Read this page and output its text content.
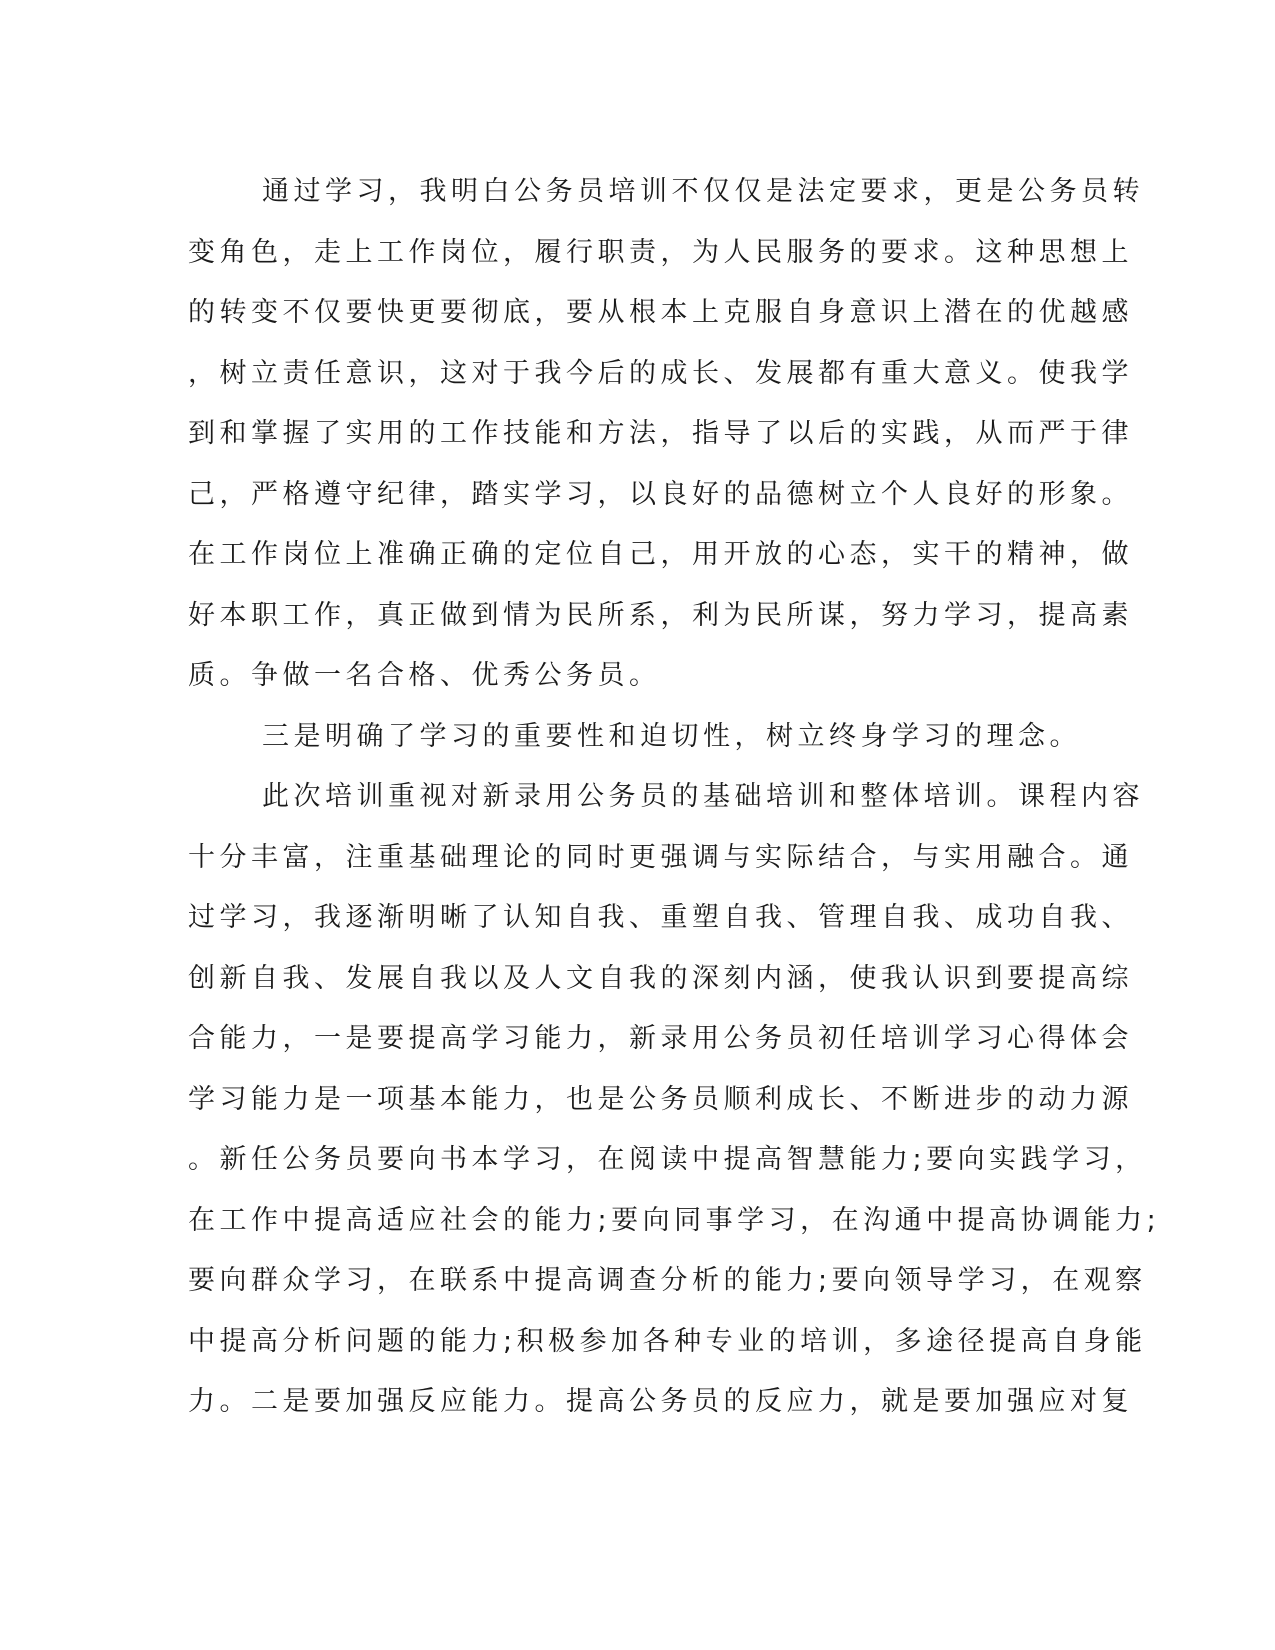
通过学习，我明白公务员培训不仅仅是法定要求，更是公务员转
变角色，走上工作岗位，履行职责，为人民服务的要求。这种思想上
的转变不仅要快更要彻底，要从根本上克服自身意识上潜在的优越感
，树立责任意识，这对于我今后的成长、发展都有重大意义。使我学
到和掌握了实用的工作技能和方法，指导了以后的实践，从而严于律
己，严格遵守纪律，踏实学习，以良好的品德树立个人良好的形象。
在工作岗位上准确正确的定位自己，用开放的心态，实干的精神，做
好本职工作，真正做到情为民所系，利为民所谋，努力学习，提高素
质。争做一名合格、优秀公务员。
三是明确了学习的重要性和迫切性，树立终身学习的理念。
此次培训重视对新录用公务员的基础培训和整体培训。课程内容
十分丰富，注重基础理论的同时更强调与实际结合，与实用融合。通
过学习，我逐渐明晰了认知自我、重塑自我、管理自我、成功自我、
创新自我、发展自我以及人文自我的深刻内涵，使我认识到要提高综
合能力，一是要提高学习能力，新录用公务员初任培训学习心得体会
学习能力是一项基本能力，也是公务员顺利成长、不断进步的动力源
。新任公务员要向书本学习，在阅读中提高智慧能力;要向实践学习，
在工作中提高适应社会的能力;要向同事学习，在沟通中提高协调能力;
要向群众学习，在联系中提高调查分析的能力;要向领导学习，在观察
中提高分析问题的能力;积极参加各种专业的培训，多途径提高自身能
力。二是要加强反应能力。提高公务员的反应力，就是要加强应对复
